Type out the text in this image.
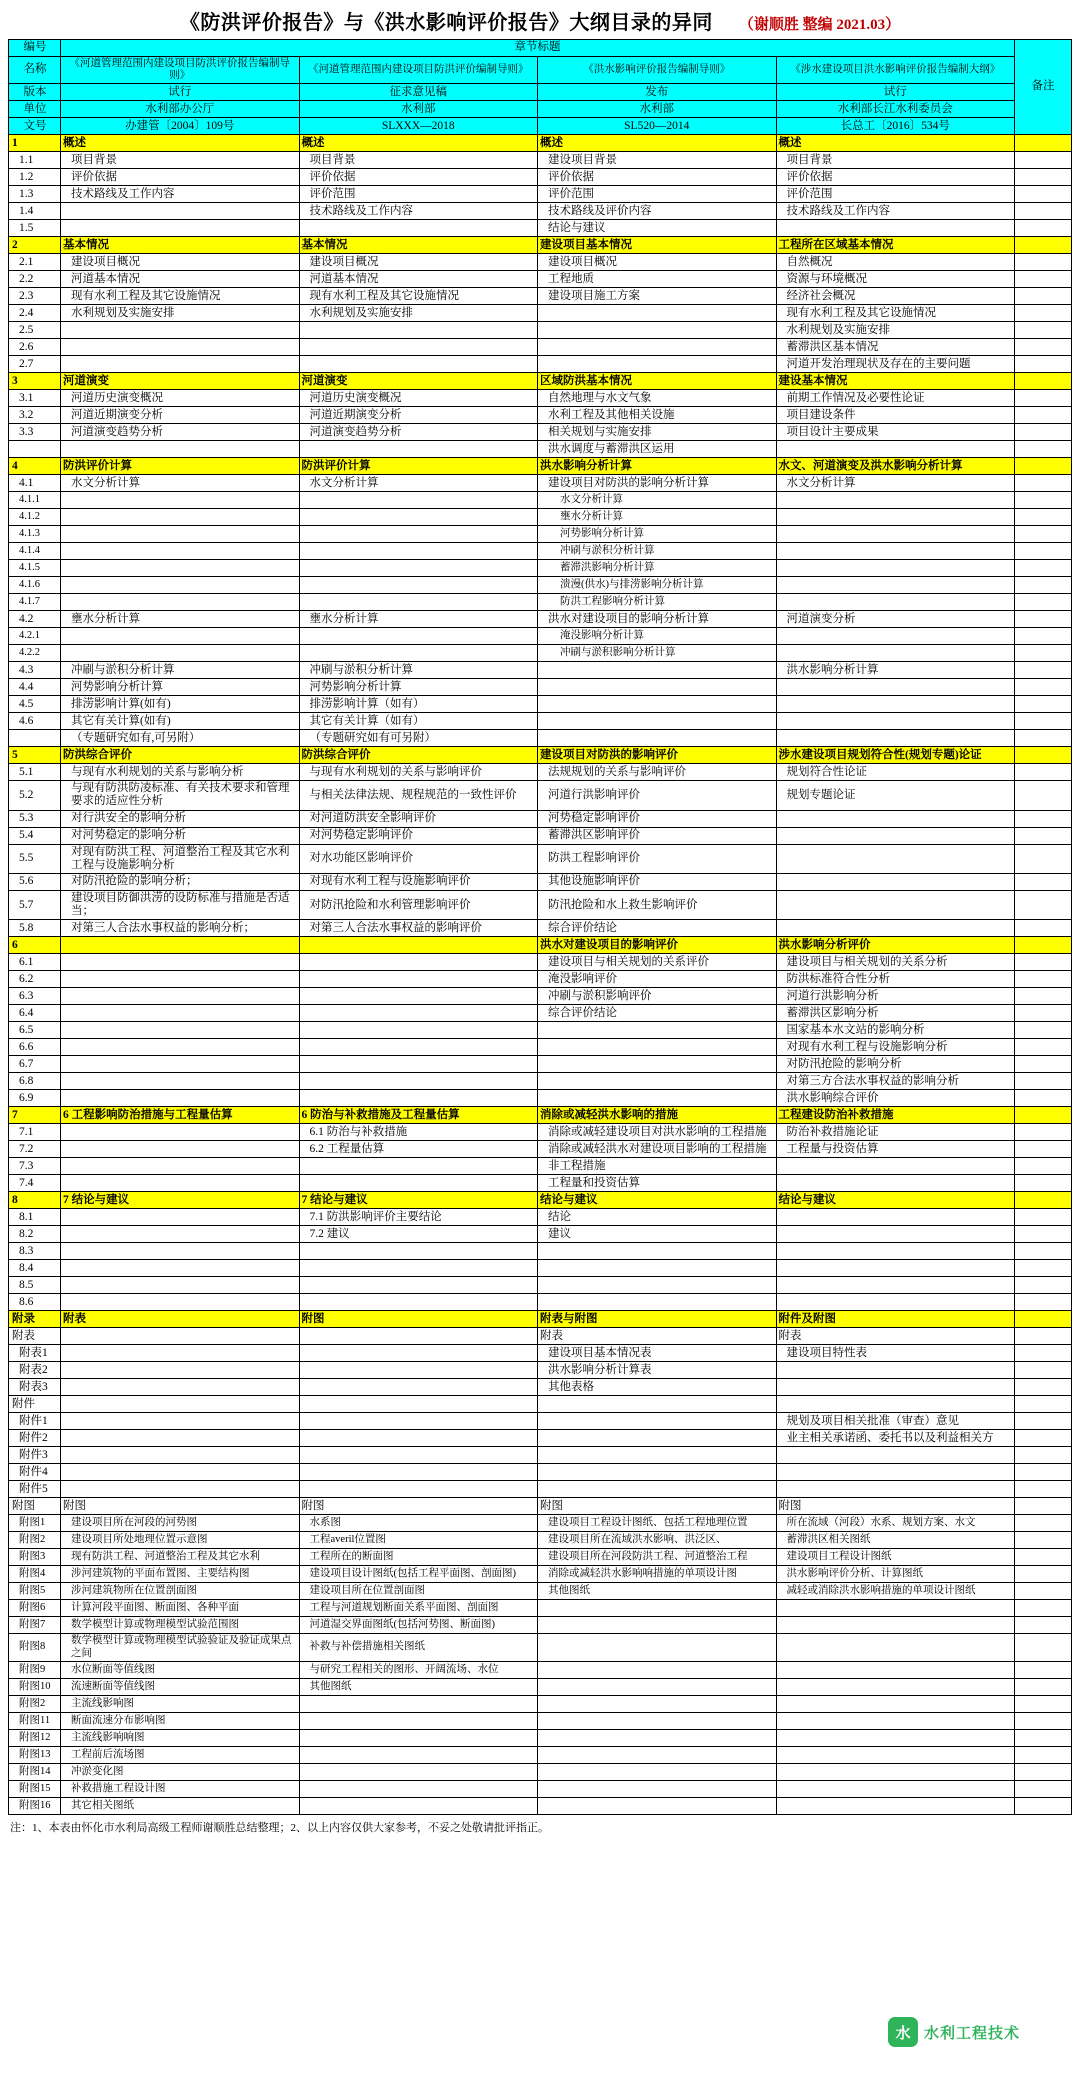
《防洪评价报告》与《洪水影响评价报告》大纲目录的异同 （谢顺胜 整编 2021.03）
编号	章节标题				备注
名称	《河道管理范围内建设项目防洪评价报告编制导则》	《河道管理范围内建设项目防洪评价编制导则》	《洪水影响评价报告编制导则》	《涉水建设项目洪水影响评价报告编制大纲》	
版本	试行	征求意见稿	发布	试行	
单位	水利部办公厅	水利部	水利部	水利部长江水利委员会	
文号	办建管〔2004〕109号	SLXXX—2018	SL520—2014	长总工〔2016〕534号	
1	概述	概述	概述	概述	
1.1	项目背景	项目背景	建设项目背景	项目背景	
1.2	评价依据	评价依据	评价依据	评价依据	
1.3	技术路线及工作内容	评价范围	评价范围	评价范围	
1.4		技术路线及工作内容	技术路线及评价内容	技术路线及工作内容	
1.5			结论与建议		
2	基本情况	基本情况	建设项目基本情况	工程所在区域基本情况	
2.1	建设项目概况	建设项目概况	建设项目概况	自然概况	
2.2	河道基本情况	河道基本情况	工程地质	资源与环境概况	
2.3	现有水利工程及其它设施情况	现有水利工程及其它设施情况	建设项目施工方案	经济社会概况	
2.4	水利规划及实施安排	水利规划及实施安排		现有水利工程及其它设施情况	
2.5				水利规划及实施安排	
2.6				蓄滞洪区基本情况	
2.7				河道开发治理现状及存在的主要问题	
3	河道演变	河道演变	区域防洪基本情况	建设基本情况	
3.1	河道历史演变概况	河道历史演变概况	自然地理与水文气象	前期工作情况及必要性论证	
3.2	河道近期演变分析	河道近期演变分析	水利工程及其他相关设施	项目建设条件	
3.3	河道演变趋势分析	河道演变趋势分析	相关规划与实施安排	项目设计主要成果	
			洪水调度与蓄滞洪区运用		
4	防洪评价计算	防洪评价计算	洪水影响分析计算	水文、河道演变及洪水影响分析计算	
4.1	水文分析计算	水文分析计算	建设项目对防洪的影响分析计算	水文分析计算	
4.1.1			水文分析计算		
4.1.2			壅水分析计算		
4.1.3			河势影响分析计算		
4.1.4			冲刷与淤积分析计算		
4.1.5			蓄滞洪影响分析计算		
4.1.6			溃漫(供水)与排涝影响分析计算		
4.1.7			防洪工程影响分析计算		
4.2	壅水分析计算	壅水分析计算	洪水对建设项目的影响分析计算	河道演变分析	
4.2.1			淹没影响分析计算		
4.2.2			冲刷与淤积影响分析计算		
4.3	冲刷与淤积分析计算	冲刷与淤积分析计算		洪水影响分析计算	
4.4	河势影响分析计算	河势影响分析计算			
4.5	排涝影响计算(如有)	排涝影响计算（如有）			
4.6	其它有关计算(如有)	其它有关计算（如有）			
	（专题研究如有,可另附）	（专题研究如有可另附）			
5	防洪综合评价	防洪综合评价	建设项目对防洪的影响评价	涉水建设项目规划符合性(规划专题)论证	
5.1	与现有水利规划的关系与影响分析	与现有水利规划的关系与影响评价	法规规划的关系与影响评价	规划符合性论证	
5.2	与现有防洪防凌标准、有关技术要求和管理要求的适应性分析	与相关法律法规、规程规范的一致性评价	河道行洪影响评价	规划专题论证	
5.3	对行洪安全的影响分析	对河道防洪安全影响评价	河势稳定影响评价		
5.4	对河势稳定的影响分析	对河势稳定影响评价	蓄滞洪区影响评价		
5.5	对现有防洪工程、河道整治工程及其它水利工程与设施影响分析	对水功能区影响评价	防洪工程影响评价		
5.6	对防汛抢险的影响分析；	对现有水利工程与设施影响评价	其他设施影响评价		
5.7	建设项目防御洪涝的设防标准与措施是否适当；	对防汛抢险和水利管理影响评价	防汛抢险和水上救生影响评价		
5.8	对第三人合法水事权益的影响分析；	对第三人合法水事权益的影响评价	综合评价结论		
6			洪水对建设项目的影响评价	洪水影响分析评价	
6.1			建设项目与相关规划的关系评价	建设项目与相关规划的关系分析	
6.2			淹没影响评价	防洪标准符合性分析	
6.3			冲刷与淤积影响评价	河道行洪影响分析	
6.4			综合评价结论	蓄滞洪区影响分析	
6.5				国家基本水文站的影响分析	
6.6				对现有水利工程与设施影响分析	
6.7				对防汛抢险的影响分析	
6.8				对第三方合法水事权益的影响分析	
6.9				洪水影响综合评价	
7	6 工程影响防治措施与工程量估算	6 防治与补救措施及工程量估算	消除或减轻洪水影响的措施	工程建设防治补救措施	
7.1		6.1 防治与补救措施	消除或减轻建设项目对洪水影响的工程措施	防治补救措施论证	
7.2		6.2 工程量估算	消除或减轻洪水对建设项目影响的工程措施	工程量与投资估算	
7.3			非工程措施		
7.4			工程量和投资估算		
8	7 结论与建议	7 结论与建议	结论与建议	结论与建议	
8.1		7.1 防洪影响评价主要结论	结论		
8.2		7.2 建议	建议		
8.3					
8.4					
8.5					
8.6					
附录	附表	附图	附表与附图	附件及附图	
附表			附表	附表	
附表1			建设项目基本情况表	建设项目特性表	
附表2			洪水影响分析计算表		
附表3			其他表格		
附件					
附件1				规划及项目相关批准（审查）意见	
附件2				业主相关承诺函、委托书以及利益相关方	
附件3					
附件4					
附件5					
附图	附图	附图	附图	附图	
附图1	建设项目所在河段的河势图	水系图	建设项目工程设计图纸、包括工程地理位置	所在流域（河段）水系、规划方案、水文	
附图2	建设项目所处地理位置示意图	工程averil位置图	建设项目所在流域洪水影响、洪泛区、	蓄滞洪区相关图纸	
附图3	现有防洪工程、河道整治工程及其它水利	工程所在的断面图	建设项目所在河段防洪工程、河道整治工程	建设项目工程设计图纸	
附图4	涉河建筑物的平面布置图、主要结构图	建设项目设计图纸(包括工程平面图、剖面图)	消除或减轻洪水影响响措施的单项设计图	洪水影响评价分析、计算图纸	
附图5	涉河建筑物所在位置剖面图	建设项目所在位置剖面图	其他图纸	减轻或消除洪水影响措施的单项设计图纸	
附图6	计算河段平面图、断面图、各种平面	工程与河道规划断面关系平面图、剖面图			
附图7	数学模型计算或物理模型试验范围图	河道湿交界面图纸(包括河势图、断面图)			
附图8	数学模型计算或物理模型试验验证及验证成果点之间	补救与补偿措施相关图纸			
附图9	水位断面等值线图	与研究工程相关的图形、开阔流场、水位			
附图10	流速断面等值线图	其他图纸			
附图2	主流线影响图				
附图11	断面流速分布影响图				
附图12	主流线影响响图				
附图13	工程前后流场图				
附图14	冲淤变化图				
附图15	补救措施工程设计图				
附图16	其它相关图纸				
注：1、本表由怀化市水利局高级工程师谢顺胜总结整理；2、以上内容仅供大家参考，不妥之处敬请批评指正。
水 水利工程技术
